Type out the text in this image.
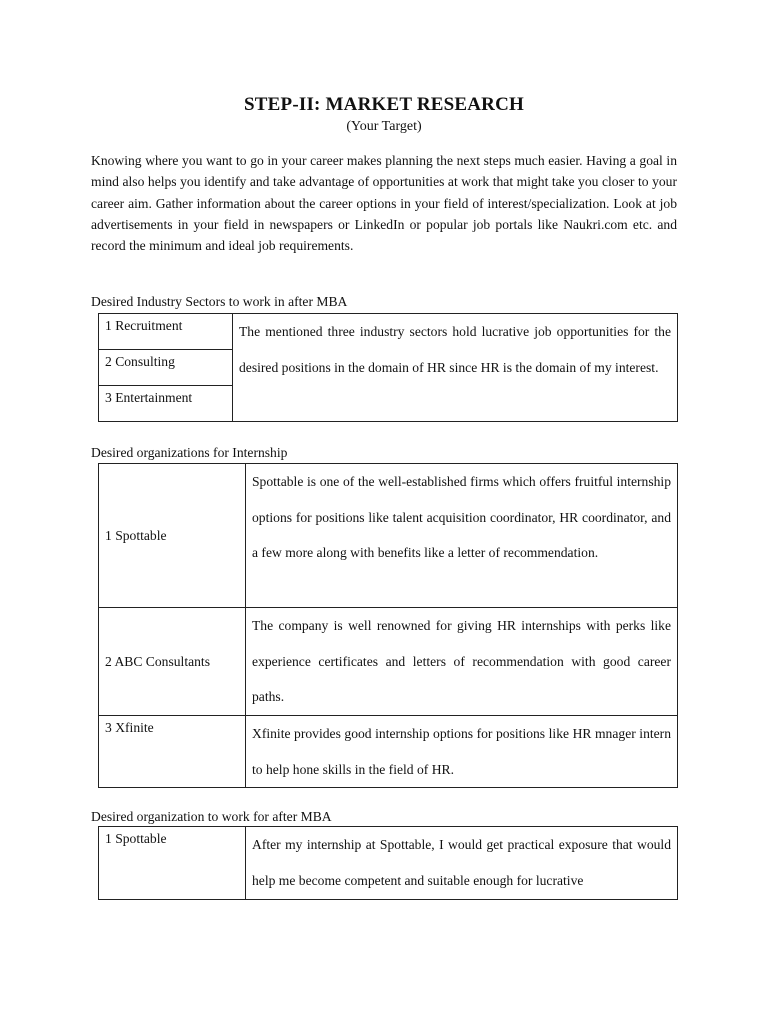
STEP-II: MARKET RESEARCH
(Your Target)

Knowing where you want to go in your career makes planning the next steps much easier. Having a goal in mind also helps you identify and take advantage of opportunities at work that might take you closer to your career aim. Gather information about the career options in your field of interest/specialization. Look at job advertisements in your field in newspapers or LinkedIn or popular job portals like Naukri.com etc. and record the minimum and ideal job requirements.

Desired Industry Sectors to work in after MBA

1 Recruitment	The mentioned three industry sectors hold lucrative job opportunities for the desired positions in the domain of HR since HR is the domain of my interest.
2 Consulting
3 Entertainment

Desired organizations for Internship

1 Spottable	Spottable is one of the well-established firms which offers fruitful internship options for positions like talent acquisition coordinator, HR coordinator, and a few more along with benefits like a letter of recommendation.
2 ABC Consultants	The company is well renowned for giving HR internships with perks like experience certificates and letters of recommendation with good career paths.
3 Xfinite	Xfinite provides good internship options for positions like HR mnager intern to help hone skills in the field of HR.

Desired organization to work for after MBA

1 Spottable	After my internship at Spottable, I would get practical exposure that would help me become competent and suitable enough for lucrative
